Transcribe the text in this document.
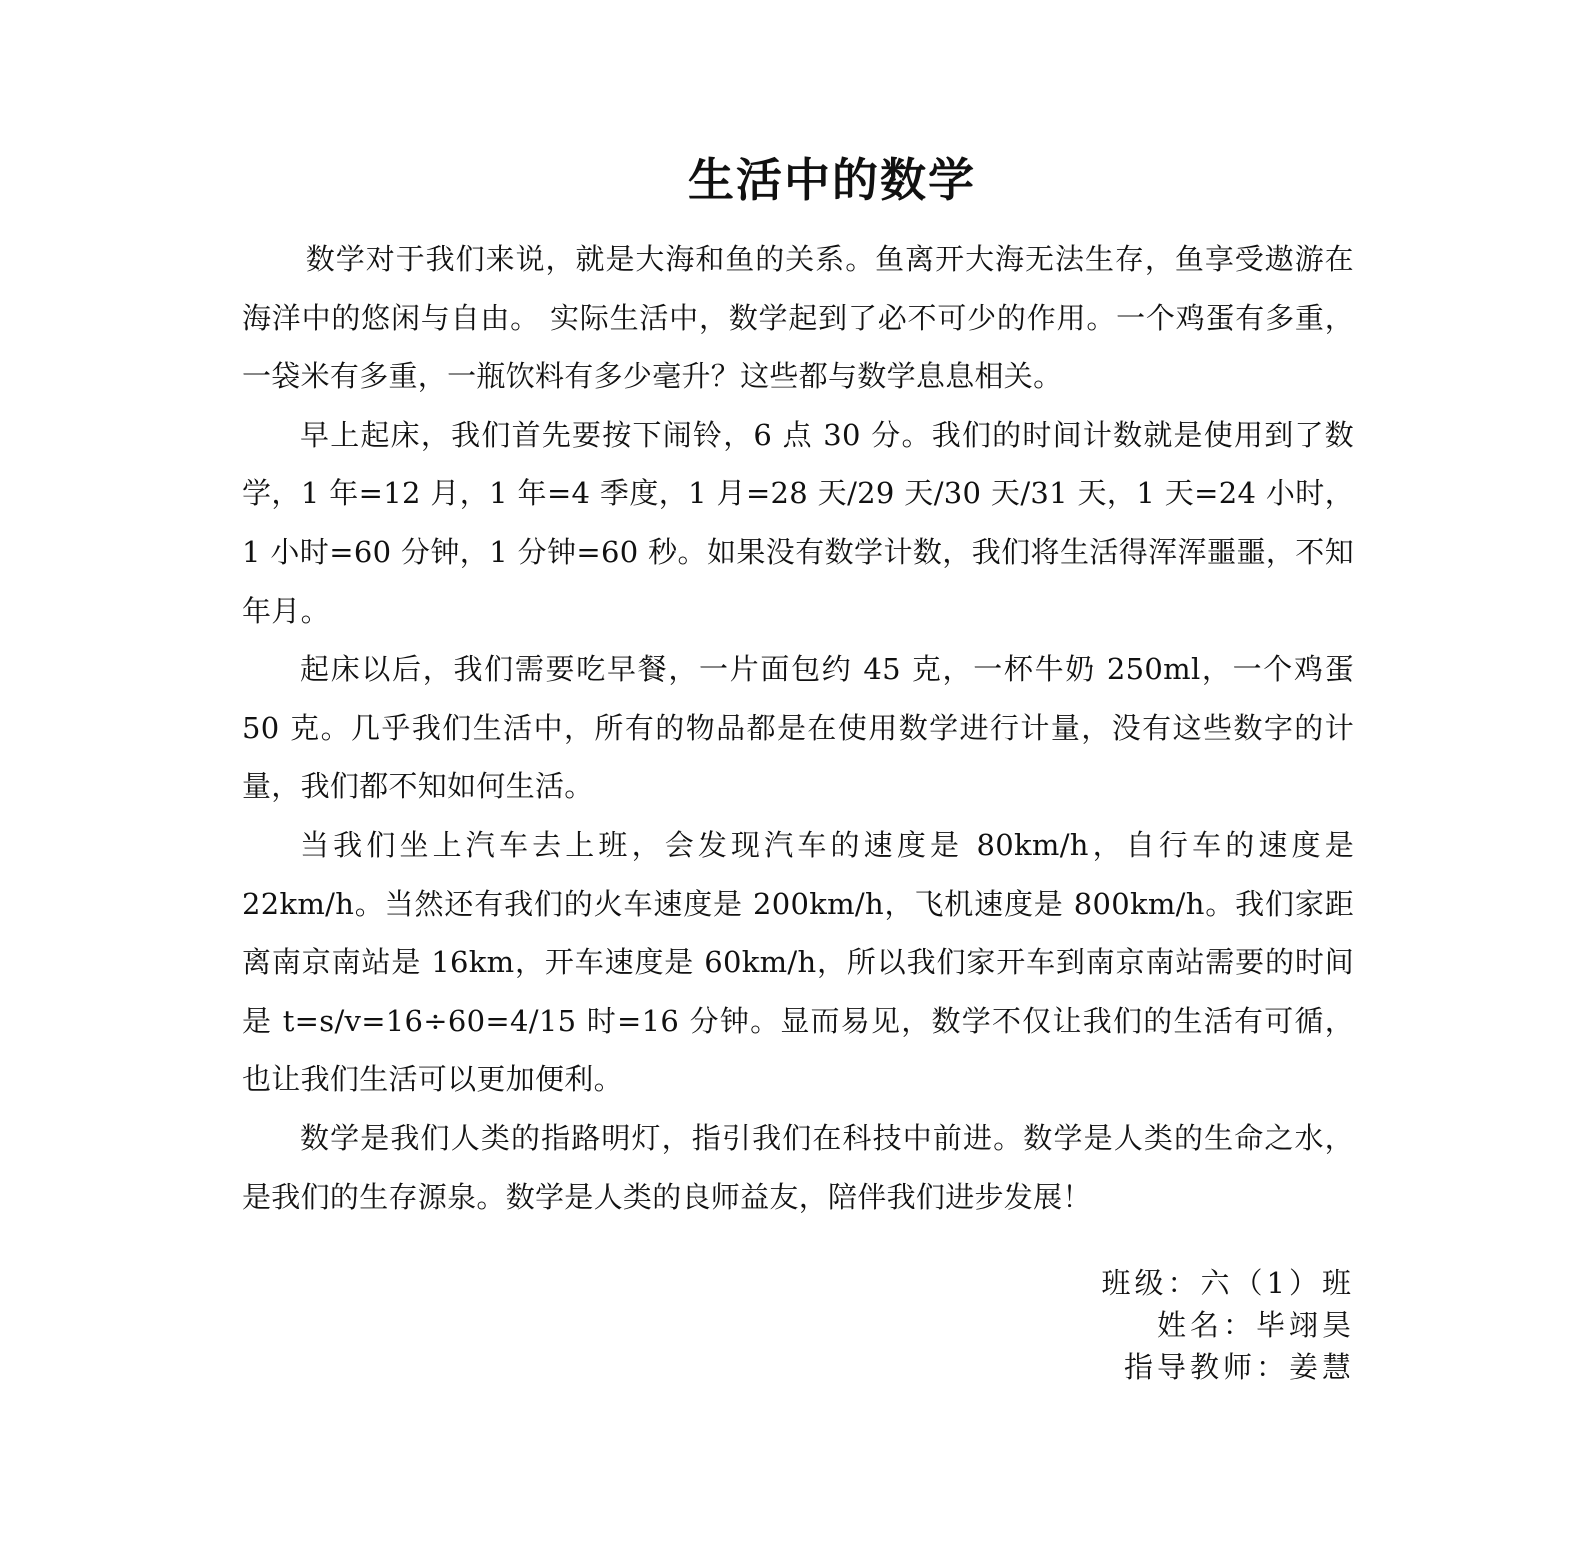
生活中的数学

数学对于我们来说，就是大海和鱼的关系。鱼离开大海无法生存，鱼享受遨游在海洋中的悠闲与自由。 实际生活中，数学起到了必不可少的作用。一个鸡蛋有多重，一袋米有多重，一瓶饮料有多少毫升？这些都与数学息息相关。

早上起床，我们首先要按下闹铃，6 点 30 分。我们的时间计数就是使用到了数学，1 年=12 月，1 年=4 季度，1 月=28 天/29 天/30 天/31 天，1 天=24 小时，1 小时=60 分钟，1 分钟=60 秒。如果没有数学计数，我们将生活得浑浑噩噩，不知年月。

起床以后，我们需要吃早餐，一片面包约 45 克，一杯牛奶 250ml，一个鸡蛋 50 克。几乎我们生活中，所有的物品都是在使用数学进行计量，没有这些数字的计量，我们都不知如何生活。

当我们坐上汽车去上班，会发现汽车的速度是 80km/h，自行车的速度是 22km/h。当然还有我们的火车速度是 200km/h，飞机速度是 800km/h。我们家距离南京南站是 16km，开车速度是 60km/h，所以我们家开车到南京南站需要的时间是 t=s/v=16÷60=4/15 时=16 分钟。显而易见，数学不仅让我们的生活有可循，也让我们生活可以更加便利。

数学是我们人类的指路明灯，指引我们在科技中前进。数学是人类的生命之水，是我们的生存源泉。数学是人类的良师益友，陪伴我们进步发展！

班级：六（1）班
姓名：毕翊昊
指导教师：姜慧
